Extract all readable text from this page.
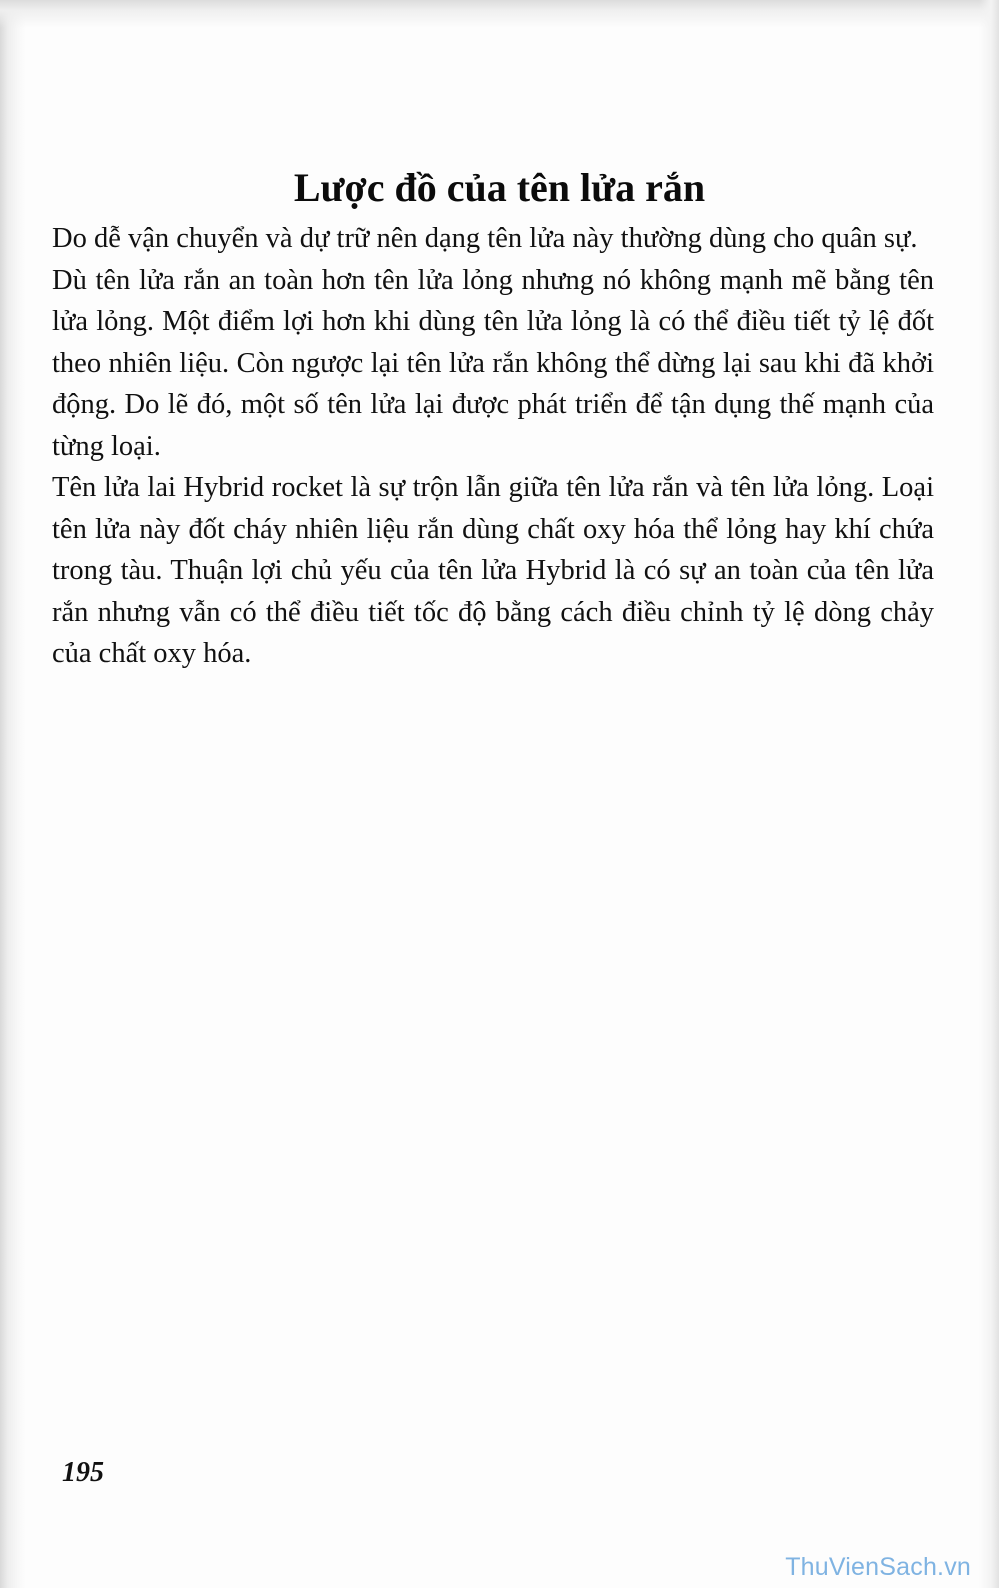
Lược đồ của tên lửa rắn

Do dễ vận chuyển và dự trữ nên dạng tên lửa này thường dùng cho quân sự.

Dù tên lửa rắn an toàn hơn tên lửa lỏng nhưng nó không mạnh mẽ bằng tên lửa lỏng. Một điểm lợi hơn khi dùng tên lửa lỏng là có thể điều tiết tỷ lệ đốt theo nhiên liệu. Còn ngược lại tên lửa rắn không thể dừng lại sau khi đã khởi động. Do lẽ đó, một số tên lửa lại được phát triển để tận dụng thế mạnh của từng loại.

Tên lửa lai Hybrid rocket là sự trộn lẫn giữa tên lửa rắn và tên lửa lỏng. Loại tên lửa này đốt cháy nhiên liệu rắn dùng chất oxy hóa thể lỏng hay khí chứa trong tàu. Thuận lợi chủ yếu của tên lửa Hybrid là có sự an toàn của tên lửa rắn nhưng vẫn có thể điều tiết tốc độ bằng cách điều chỉnh tỷ lệ dòng chảy của chất oxy hóa.

195
ThuVienSach.vn
